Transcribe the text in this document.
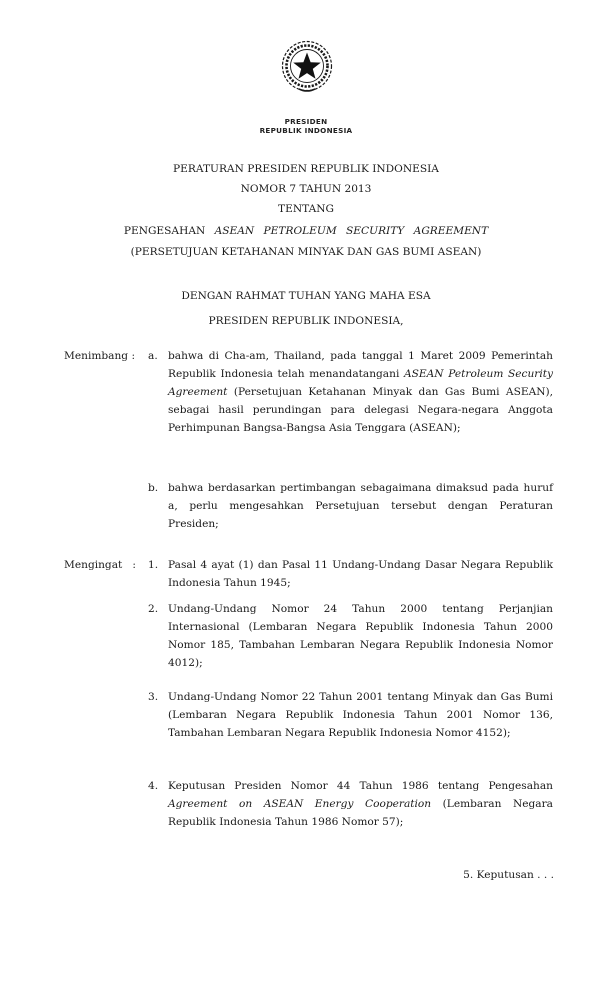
PRESIDEN
REPUBLIK INDONESIA
PERATURAN PRESIDEN REPUBLIK INDONESIA
NOMOR 7 TAHUN 2013
TENTANG
PENGESAHAN ASEAN PETROLEUM SECURITY AGREEMENT
(PERSETUJUAN KETAHANAN MINYAK DAN GAS BUMI ASEAN)
DENGAN RAHMAT TUHAN YANG MAHA ESA
PRESIDEN REPUBLIK INDONESIA,
Menimbang : a. bahwa di Cha-am, Thailand, pada tanggal 1 Maret 2009 Pemerintah Republik Indonesia telah menandatangani ASEAN Petroleum Security Agreement (Persetujuan Ketahanan Minyak dan Gas Bumi ASEAN), sebagai hasil perundingan para delegasi Negara-negara Anggota Perhimpunan Bangsa-Bangsa Asia Tenggara (ASEAN);
b. bahwa berdasarkan pertimbangan sebagaimana dimaksud pada huruf a, perlu mengesahkan Persetujuan tersebut dengan Peraturan Presiden;
Mengingat   : 1. Pasal 4 ayat (1) dan Pasal 11 Undang-Undang Dasar Negara Republik Indonesia Tahun 1945;
2. Undang-Undang Nomor 24 Tahun 2000 tentang Perjanjian Internasional (Lembaran Negara Republik Indonesia Tahun 2000 Nomor 185, Tambahan Lembaran Negara Republik Indonesia Nomor 4012);
3. Undang-Undang Nomor 22 Tahun 2001 tentang Minyak dan Gas Bumi (Lembaran Negara Republik Indonesia Tahun 2001 Nomor 136, Tambahan Lembaran Negara Republik Indonesia Nomor 4152);
4. Keputusan Presiden Nomor 44 Tahun 1986 tentang Pengesahan Agreement on ASEAN Energy Cooperation (Lembaran Negara Republik Indonesia Tahun 1986 Nomor 57);
5. Keputusan . . .
